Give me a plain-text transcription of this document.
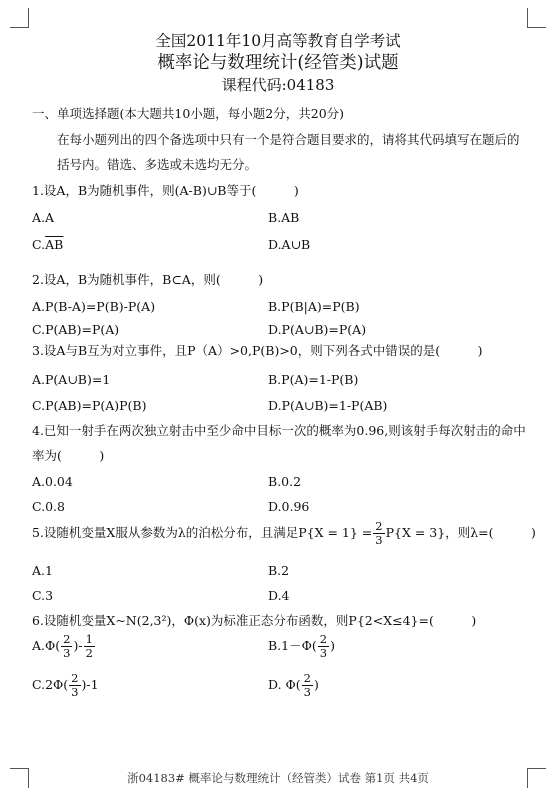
全国2011年10月高等教育自学考试
概率论与数理统计(经管类)试题
课程代码:04183
一、单项选择题(本大题共10小题，每小题2分，共20分)
在每小题列出的四个备选项中只有一个是符合题目要求的，请将其代码填写在题后的
括号内。错选、多选或未选均无分。
1.设A，B为随机事件，则(A-B)∪B等于(　　　)
A.A	B.AB
$C.\overline{AB}$	D.A∪B
2.设A，B为随机事件，B⊂A，则(　　　)
A.P(B-A)=P(B)-P(A)	B.P(B|A)=P(B)
C.P(AB)=P(A)	D.P(A∪B)=P(A)
3.设A与B互为对立事件，且P（A）>0,P(B)>0，则下列各式中错误的是(　　　)
A.P(A∪B)=1	B.P(A)=1-P(B)
C.P(AB)=P(A)P(B)	D.P(A∪B)=1-P(AB)
4.已知一射手在两次独立射击中至少命中目标一次的概率为0.96,则该射手每次射击的命中
率为(　　　)
A.0.04	B.0.2
C.0.8	D.0.96
5.设随机变量X服从参数为λ的泊松分布，且满足$P\{X = 1\} = \frac{2}{3} P\{X = 3\}$，则λ=(　　　)
A.1	B.2
C.3	D.4
6.设随机变量X~N(2,3²)，Φ(x)为标准正态分布函数，则P{2<X≤4}=(　　　)
$A.\Phi( \frac{2}{3}$ )- $\frac{1}{2}$	$B.1-\Phi( \frac{2}{3}$ )
$C.2\Phi( \frac{2}{3} )-1$	D. $\Phi( \frac{2}{3}$ )
浙04183# 概率论与数理统计（经管类）试卷 第1页 共4页
